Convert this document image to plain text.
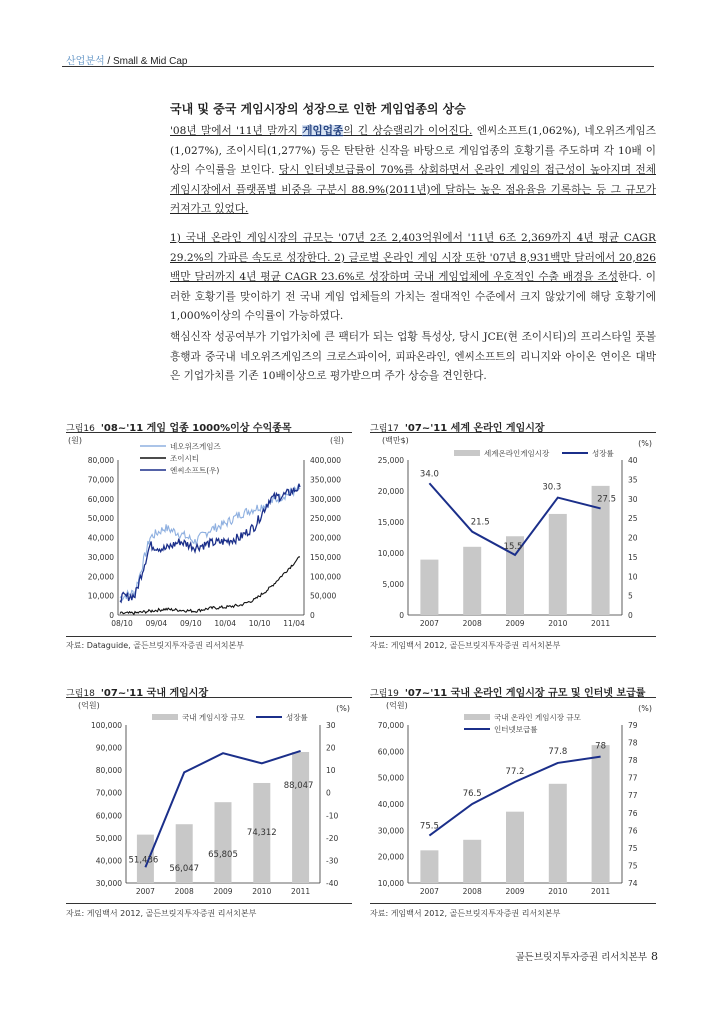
산업분석 / Small & Mid Cap
국내 및 중국 게임시장의 성장으로 인한 게임업종의 상승
'08년 말에서 '11년 말까지 게임업종의 긴 상승랠리가 이어진다. 엔씨소프트(1,062%), 네오위즈게임즈(1,027%), 조이시티(1,277%) 등은 탄탄한 신작을 바탕으로 게임업종의 호황기를 주도하며 각 10배 이상의 수익률을 보인다. 당시 인터넷보급률이 70%를 상회하면서 온라인 게임의 접근성이 높아지며 전체 게임시장에서 플랫폼별 비중을 구분시 88.9%(2011년)에 달하는 높은 점유율을 기록하는 등 그 규모가 커져가고 있었다.
1) 국내 온라인 게임시장의 규모는 '07년 2조 2,403억원에서 '11년 6조 2,369까지 4년 평균 CAGR 29.2%의 가파른 속도로 성장한다. 2) 글로벌 온라인 게임 시장 또한 '07년 8,931백만 달러에서 20,826백만 달러까지 4년 평균 CAGR 23.6%로 성장하며 국내 게임업체에 우호적인 수출 배경을 조성한다. 이러한 호황기를 맞이하기 전 국내 게임 업체들의 가치는 절대적인 수준에서 크지 않았기에 해당 호황기에 1,000%이상의 수익률이 가능하였다.
핵심신작 성공여부가 기업가치에 큰 팩터가 되는 업황 특성상, 당시 JCE(현 조이시티)의 프리스타일 풋볼 흥행과 중국내 네오위즈게임즈의 크로스파이어, 피파온라인, 엔씨소프트의 리니지와 아이온 연이은 대박은 기업가치를 기존 10배이상으로 평가받으며 주가 상승을 견인한다.
그림16 '08~'11 게임 업종 1000%이상 수익종목
(원)	(원)
80,000
70,000
60,000
50,000
40,000
30,000
20,000
10,000
0
400,000
350,000
300,000
250,000
200,000
150,000
100,000
50,000
0
08/10 09/04 09/10 10/04 10/10 11/04
네오위즈게임즈
조이시티
엔씨소프트(우)
자료: Dataguide, 골든브릿지투자증권 리서치본부
그림17 '07~'11 세계 온라인 게임시장
(백만$)	(%)
25,000
20,000
15,000
10,000
5,000
0
40
35
30
25
20
15
10
5
0
2007	2008	2009	2010	2011
34.0
21.5
15.5
30.3
27.5
세계온라인게임시장	성장률
자료: 게임백서 2012, 골든브릿지투자증권 리서치본부
그림18 '07~'11 국내 게임시장
(억원)	(%)
100,000
90,000
80,000
70,000
60,000
50,000
40,000
30,000
30
20
10
0
-10
-20
-30
-40
2007	2008	2009	2010	2011
51,436
56,047
65,805
74,312
88,047
국내 게임시장 규모	성장률
자료: 게임백서 2012, 골든브릿지투자증권 리서치본부
그림19 '07~'11 국내 온라인 게임시장 규모 및 인터넷 보급률
(억원)	(%)
70,000
60,000
50,000
40,000
30,000
20,000
10,000
79
78
78
77
77
76
76
75
75
74
2007	2008	2009	2010	2011
75.5
76.5
77.2
77.8
78
국내 온라인 게임시장 규모
인터넷보급률
자료: 게임백서 2012, 골든브릿지투자증권 리서치본부
골든브릿지투자증권 리서치본부 8
